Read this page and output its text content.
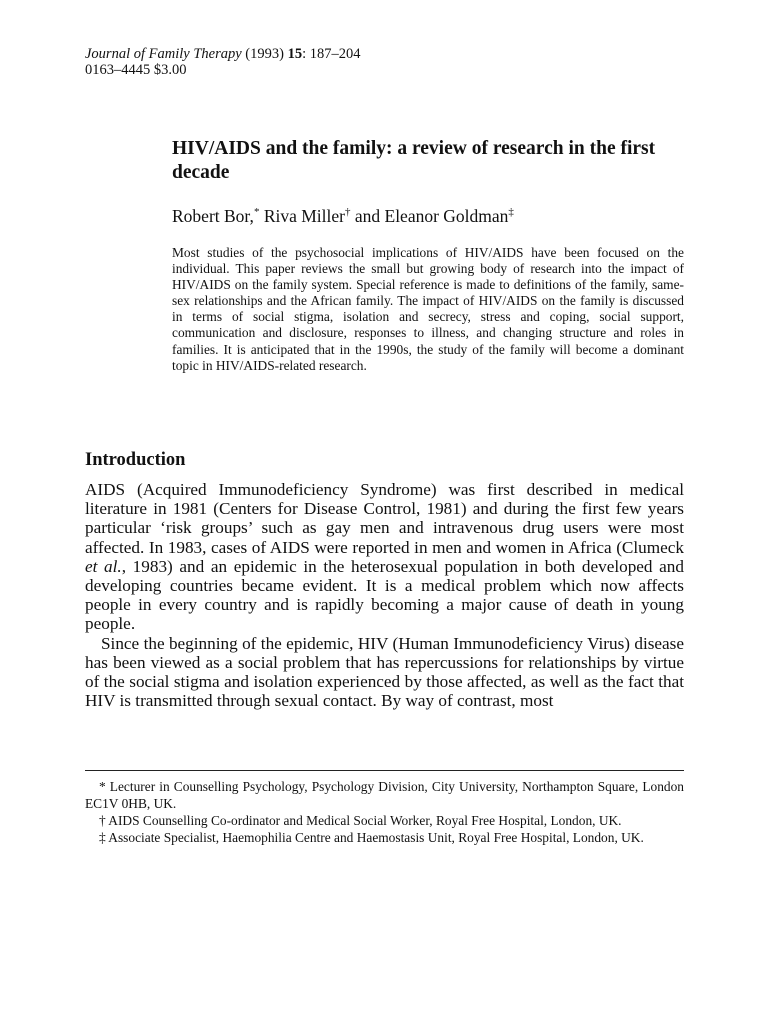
Journal of Family Therapy (1993) 15: 187–204
0163–4445 $3.00
HIV/AIDS and the family: a review of research in the first decade
Robert Bor,* Riva Miller† and Eleanor Goldman‡

Most studies of the psychosocial implications of HIV/AIDS have been focused on the individual. This paper reviews the small but growing body of research into the impact of HIV/AIDS on the family system. Special reference is made to definitions of the family, same-sex relationships and the African family. The impact of HIV/AIDS on the family is discussed in terms of social stigma, isolation and secrecy, stress and coping, social support, communication and disclosure, responses to illness, and changing structure and roles in families. It is anticipated that in the 1990s, the study of the family will become a dominant topic in HIV/AIDS-related research.

Introduction

AIDS (Acquired Immunodeficiency Syndrome) was first described in medical literature in 1981 (Centers for Disease Control, 1981) and during the first few years particular ‘risk groups’ such as gay men and intravenous drug users were most affected. In 1983, cases of AIDS were reported in men and women in Africa (Clumeck et al., 1983) and an epidemic in the heterosexual population in both developed and developing countries became evident. It is a medical problem which now affects people in every country and is rapidly becoming a major cause of death in young people.

Since the beginning of the epidemic, HIV (Human Immunodeficiency Virus) disease has been viewed as a social problem that has repercussions for relationships by virtue of the social stigma and isolation experienced by those affected, as well as the fact that HIV is transmitted through sexual contact. By way of contrast, most

* Lecturer in Counselling Psychology, Psychology Division, City University, Northampton Square, London EC1V 0HB, UK.

† AIDS Counselling Co-ordinator and Medical Social Worker, Royal Free Hospital, London, UK.

‡ Associate Specialist, Haemophilia Centre and Haemostasis Unit, Royal Free Hospital, London, UK.
